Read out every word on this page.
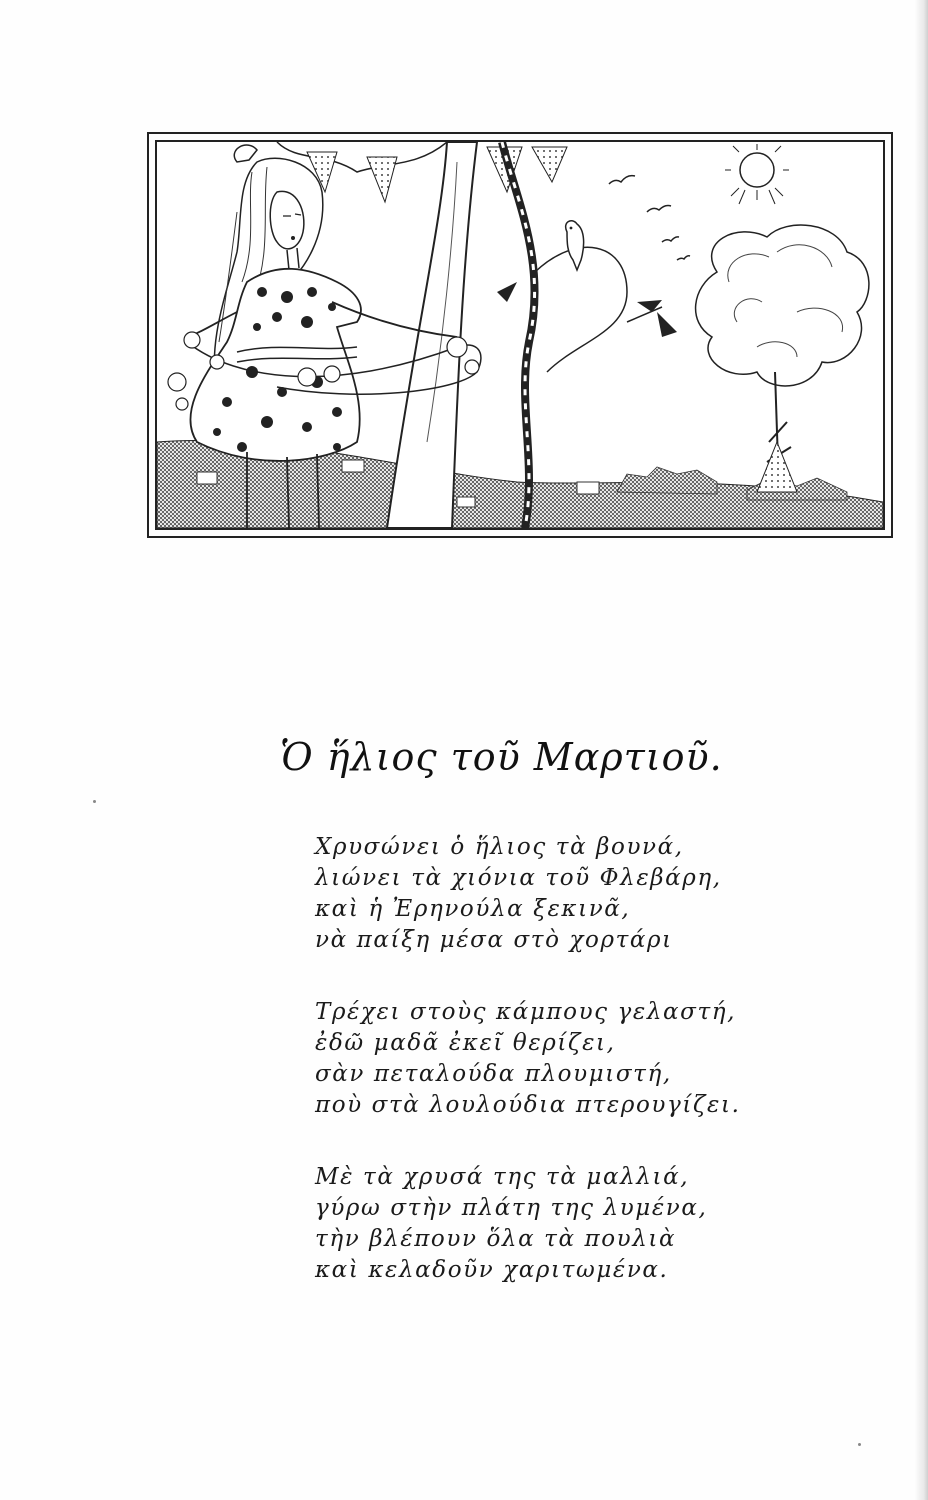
Ὁ ἥλιος τοῦ Μαρτιοῦ.
Χρυσώνει ὁ ἥλιος τὰ βουνά,
λιώνει τὰ χιόνια τοῦ Φλεβάρη,
καὶ ἡ Ἐρηνούλα ξεκινᾶ,
νὰ παίξη μέσα στὸ χορτάρι
Τρέχει στοὺς κάμπους γελαστή,
ἐδῶ μαδᾶ ἐκεῖ θερίζει,
σὰν πεταλούδα πλουμιστή,
ποὺ στὰ λουλούδια πτερουγίζει.
Μὲ τὰ χρυσά της τὰ μαλλιά,
γύρω στὴν πλάτη της λυμένα,
τὴν βλέπουν ὅλα τὰ πουλιὰ
καὶ κελαδοῦν χαριτωμένα.
